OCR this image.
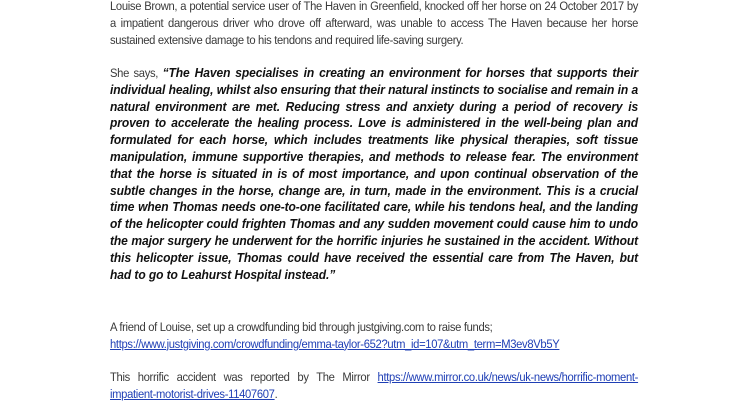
Louise Brown, a potential service user of The Haven in Greenfield, knocked off her horse on 24 October 2017 by a impatient dangerous driver who drove off afterward, was unable to access The Haven because her horse sustained extensive damage to his tendons and required life-saving surgery.

She says, “The Haven specialises in creating an environment for horses that supports their individual healing, whilst also ensuring that their natural instincts to socialise and remain in a natural environment are met. Reducing stress and anxiety during a period of recovery is proven to accelerate the healing process. Love is administered in the well-being plan and formulated for each horse, which includes treatments like physical therapies, soft tissue manipulation, immune supportive therapies, and methods to release fear. The environment that the horse is situated in is of most importance, and upon continual observation of the subtle changes in the horse, change are, in turn, made in the environment. This is a crucial time when Thomas needs one-to-one facilitated care, while his tendons heal, and the landing of the helicopter could frighten Thomas and any sudden movement could cause him to undo the major surgery he underwent for the horrific injuries he sustained in the accident. Without this helicopter issue, Thomas could have received the essential care from The Haven, but had to go to Leahurst Hospital instead.”

A friend of Louise, set up a crowdfunding bid through justgiving.com to raise funds;
https://www.justgiving.com/crowdfunding/emma-taylor-652?utm_id=107&utm_term=M3ev8Vb5Y

This horrific accident was reported by The Mirror https://www.mirror.co.uk/news/uk-news/horrific-moment-impatient-motorist-drives-11407607.
